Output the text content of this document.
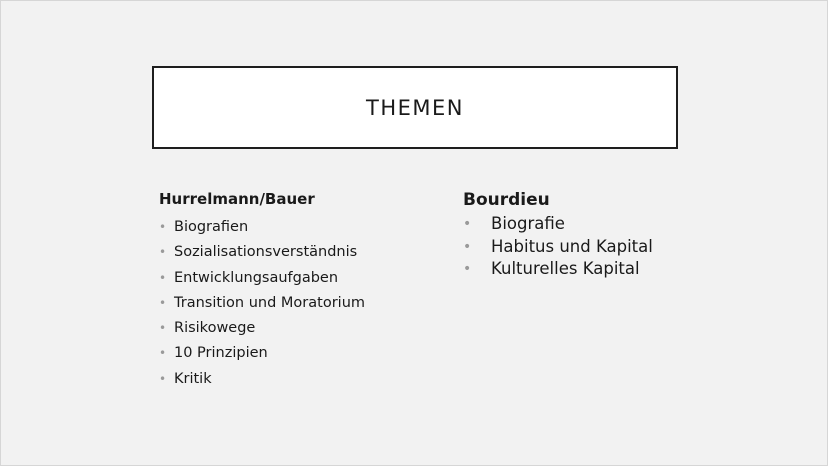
THEMEN
Hurrelmann/Bauer
• Biografien
• Sozialisationsverständnis
• Entwicklungsaufgaben
• Transition und Moratorium
• Risikowege
• 10 Prinzipien
• Kritik
Bourdieu
•	Biografie
•	Habitus und Kapital
•	Kulturelles Kapital
